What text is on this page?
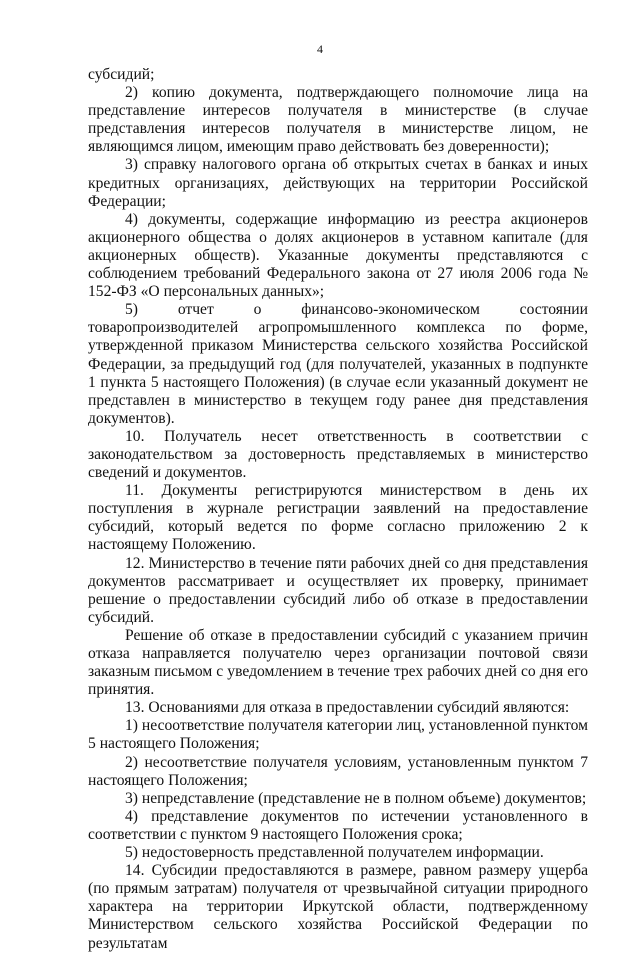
4

субсидий;

2) копию документа, подтверждающего полномочие лица на представление интересов получателя в министерстве (в случае представления интересов получателя в министерстве лицом, не являющимся лицом, имеющим право действовать без доверенности);

3) справку налогового органа об открытых счетах в банках и иных кредитных организациях, действующих на территории Российской Федерации;

4) документы, содержащие информацию из реестра акционеров акционерного общества о долях акционеров в уставном капитале (для акционерных обществ). Указанные документы представляются с соблюдением требований Федерального закона от 27 июля 2006 года № 152-ФЗ «О персональных данных»;

5) отчет о финансово-экономическом состоянии товаропроизводителей агропромышленного комплекса по форме, утвержденной приказом Министерства сельского хозяйства Российской Федерации, за предыдущий год (для получателей, указанных в подпункте 1 пункта 5 настоящего Положения) (в случае если указанный документ не представлен в министерство в текущем году ранее дня представления документов).

10. Получатель несет ответственность в соответствии с законодательством за достоверность представляемых в министерство сведений и документов.

11. Документы регистрируются министерством в день их поступления в журнале регистрации заявлений на предоставление субсидий, который ведется по форме согласно приложению 2 к настоящему Положению.

12. Министерство в течение пяти рабочих дней со дня представления документов рассматривает и осуществляет их проверку, принимает решение о предоставлении субсидий либо об отказе в предоставлении субсидий.

Решение об отказе в предоставлении субсидий с указанием причин отказа направляется получателю через организации почтовой связи заказным письмом с уведомлением в течение трех рабочих дней со дня его принятия.

13. Основаниями для отказа в предоставлении субсидий являются:

1) несоответствие получателя категории лиц, установленной пунктом 5 настоящего Положения;

2) несоответствие получателя условиям, установленным пунктом 7 настоящего Положения;

3) непредставление (представление не в полном объеме) документов;

4) представление документов по истечении установленного в соответствии с пунктом 9 настоящего Положения срока;

5) недостоверность представленной получателем информации.

14. Субсидии предоставляются в размере, равном размеру ущерба (по прямым затратам) получателя от чрезвычайной ситуации природного характера на территории Иркутской области, подтвержденному Министерством сельского хозяйства Российской Федерации по результатам
